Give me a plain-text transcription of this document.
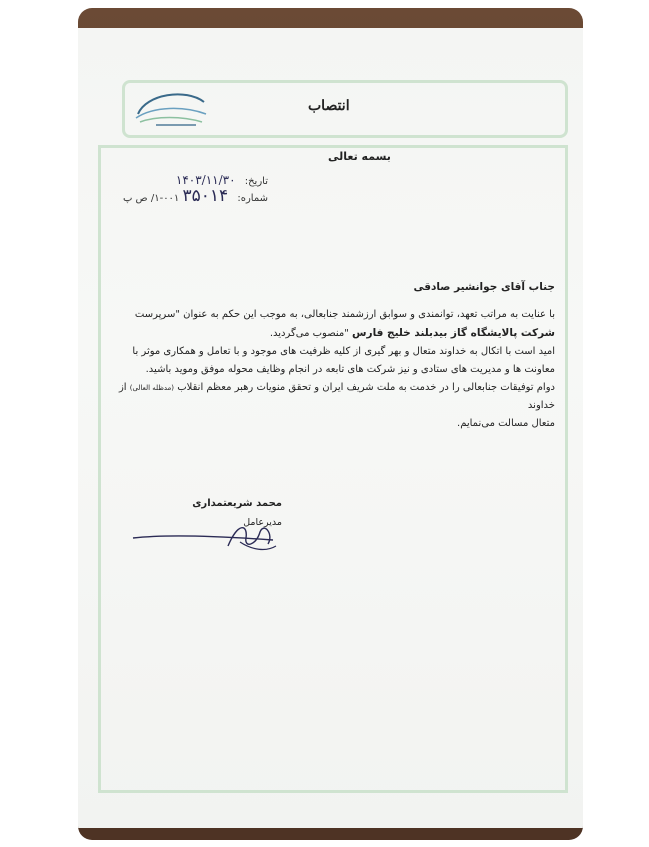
انتصاب
بسمه تعالی
تاریخ: ۱۴۰۳/۱۱/۳۰
شماره: ۳۵۰۱۴ ۰۰۱-۱/ ص پ

جناب آقای جوانشیر صادقی

با عنایت به مراتب تعهد، توانمندی و سوابق ارزشمند جنابعالی، به موجب این حکم به عنوان "سرپرست

شرکت پالایشگاه گاز بیدبلند خلیج فارس "منصوب می‌گردید.

امید است با اتکال به خداوند متعال و بهر گیری از کلیه ظرفیت های موجود و با تعامل و همکاری موثر با

معاونت ها و مدیریت های ستادی و نیز شرکت های تابعه در انجام وظایف محوله موفق وموید باشید.

دوام توفیقات جنابعالی را در خدمت به ملت شریف ایران و تحقق منویات رهبر معظم انقلاب (مدظله العالی) از خداوند

متعال مسالت می‌نمایم.

محمد شریعتمداری
مدیرعامل
